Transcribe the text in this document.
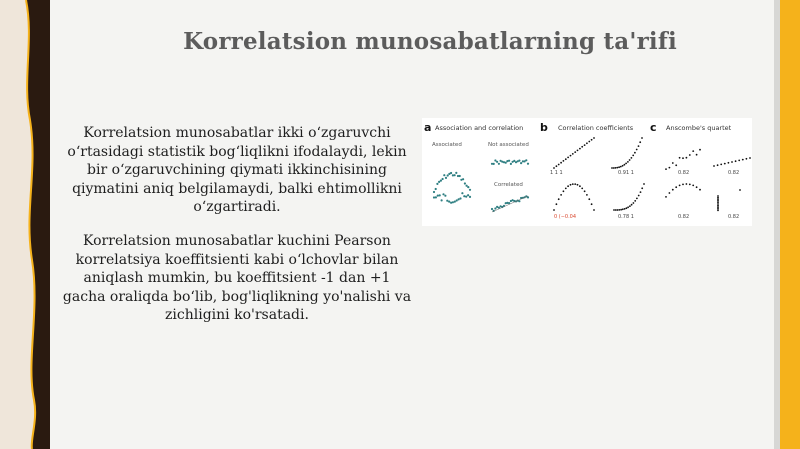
Korrelatsion munosabatlarning ta'rifi
Korrelatsion munosabatlar ikki o‘zgaruvchi o‘rtasidagi statistik bog‘liqlikni ifodalaydi, lekin bir o‘zgaruvchining qiymati ikkinchisining qiymatini aniq belgilamaydi, balki ehtimollikni o‘zgartiradi.
Korrelatsion munosabatlar kuchini Pearson korrelatsiya koeffitsienti kabi o‘lchovlar bilan aniqlash mumkin, bu koeffitsient -1 dan +1 gacha oraliqda bo‘lib, bog'liqlikning yo'nalishi va zichligini ko'rsatadi.
a Association and correlation b Correlation coefficients c Anscombe's quartet
Associated	Not associated
Correlated
1 1 1	0.91 1
0 (−0.04	0.78 1
0.82	0.82
0.82	0.82
